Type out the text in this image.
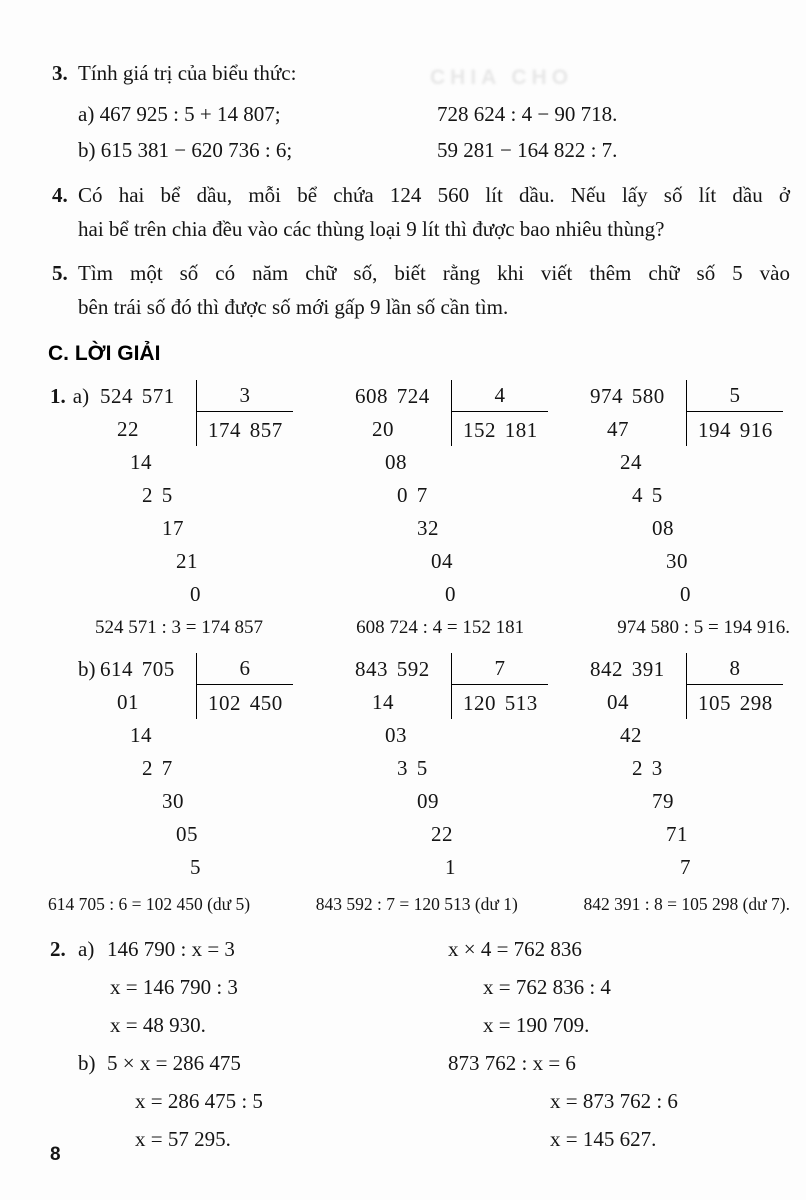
CHIA CHO
3. Tính giá trị của biểu thức:
a) 467 925 : 5 + 14 807;	728 624 : 4 − 90 718.
b) 615 381 − 620 736 : 6;	59 281 − 164 822 : 7.
4. Có hai bể dầu, mỗi bể chứa 124 560 lít dầu. Nếu lấy số lít dầu ở
hai bể trên chia đều vào các thùng loại 9 lít thì được bao nhiêu thùng?
5. Tìm một số có năm chữ số, biết rằng khi viết thêm chữ số 5 vào
bên trái số đó thì được số mới gấp 9 lần số cần tìm.
C. LỜI GIẢI
1. a) 524 571	3
174 857
22
14
2 5
17
21
0
608 724	4
152 181
20
08
0 7
32
04
0
974 580	5
194 916
47
24
4 5
08
30
0
524 571 : 3 = 174 857	608 724 : 4 = 152 181	974 580 : 5 = 194 916.
b) 614 705	6
102 450
01
14
2 7
30
05
5
843 592	7
120 513
14
03
3 5
09
22
1
842 391	8
105 298
04
42
2 3
79
71
7
614 705 : 6 = 102 450 (dư 5)	843 592 : 7 = 120 513 (dư 1)	842 391 : 8 = 105 298 (dư 7).
2. a) 146 790 : x = 3
x = 146 790 : 3
x = 48 930.
b) 5 × x = 286 475
x = 286 475 : 5
x = 57 295.
x × 4 = 762 836
x = 762 836 : 4
x = 190 709.
873 762 : x = 6
x = 873 762 : 6
x = 145 627.
8
